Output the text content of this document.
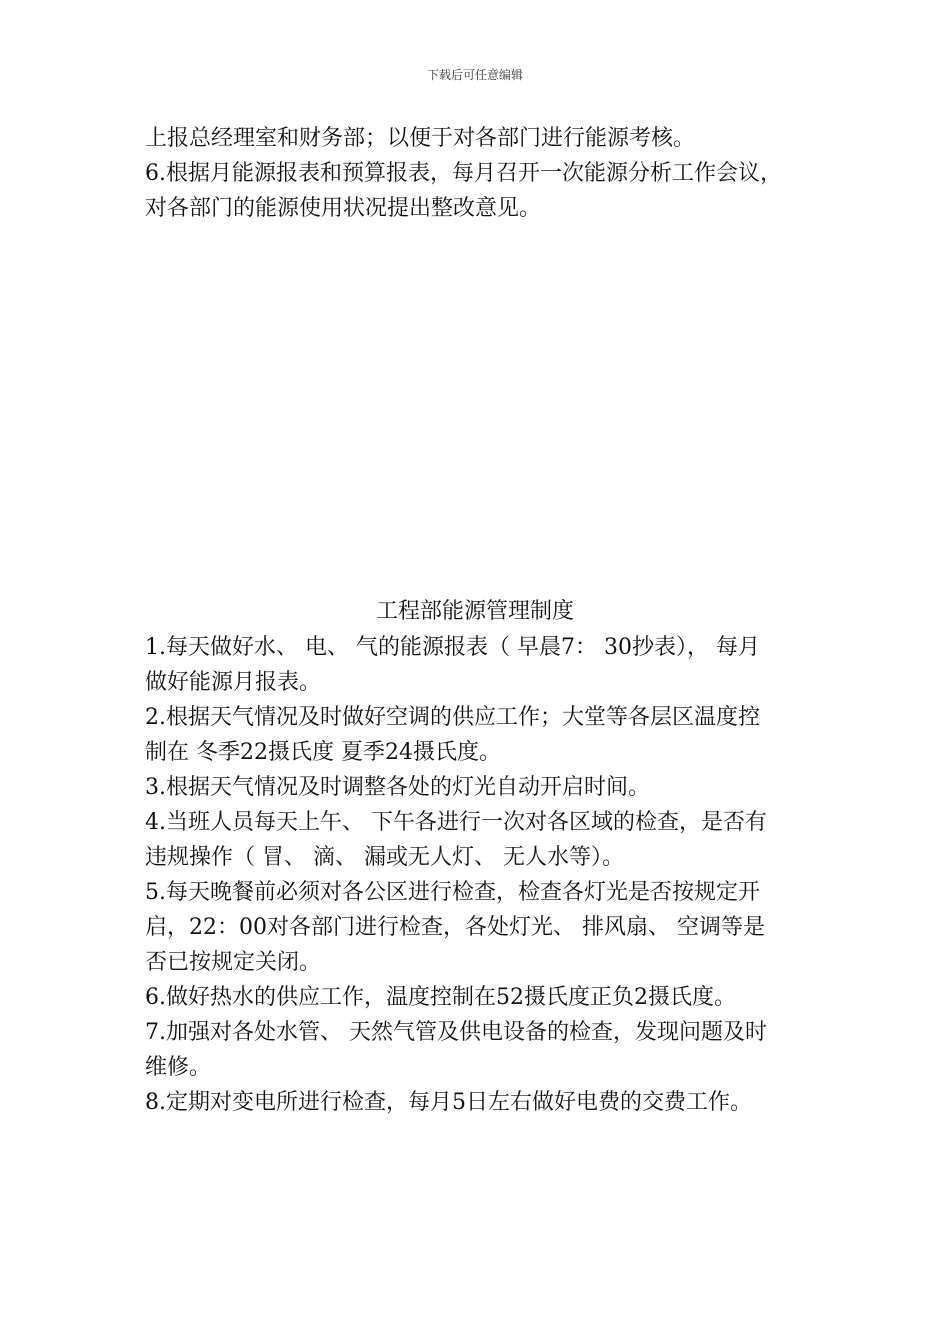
下载后可任意编辑
上报总经理室和财务部；以便于对各部门进行能源考核。
6.根据月能源报表和预算报表，每月召开一次能源分析工作会议，
对各部门的能源使用状况提出整改意见。
工程部能源管理制度
1.每天做好水、 电、 气的能源报表（ 早晨7： 30抄表）， 每月
做好能源月报表。
2.根据天气情况及时做好空调的供应工作；大堂等各层区温度控
制在 冬季22摄氏度 夏季24摄氏度。
3.根据天气情况及时调整各处的灯光自动开启时间。
4.当班人员每天上午、 下午各进行一次对各区域的检查，是否有
违规操作（ 冒、 滴、 漏或无人灯、 无人水等）。
5.每天晚餐前必须对各公区进行检查，检查各灯光是否按规定开
启，22：00对各部门进行检查，各处灯光、 排风扇、 空调等是
否已按规定关闭。
6.做好热水的供应工作，温度控制在52摄氏度正负2摄氏度。
7.加强对各处水管、 天然气管及供电设备的检查，发现问题及时
维修。
8.定期对变电所进行检查，每月5日左右做好电费的交费工作。
